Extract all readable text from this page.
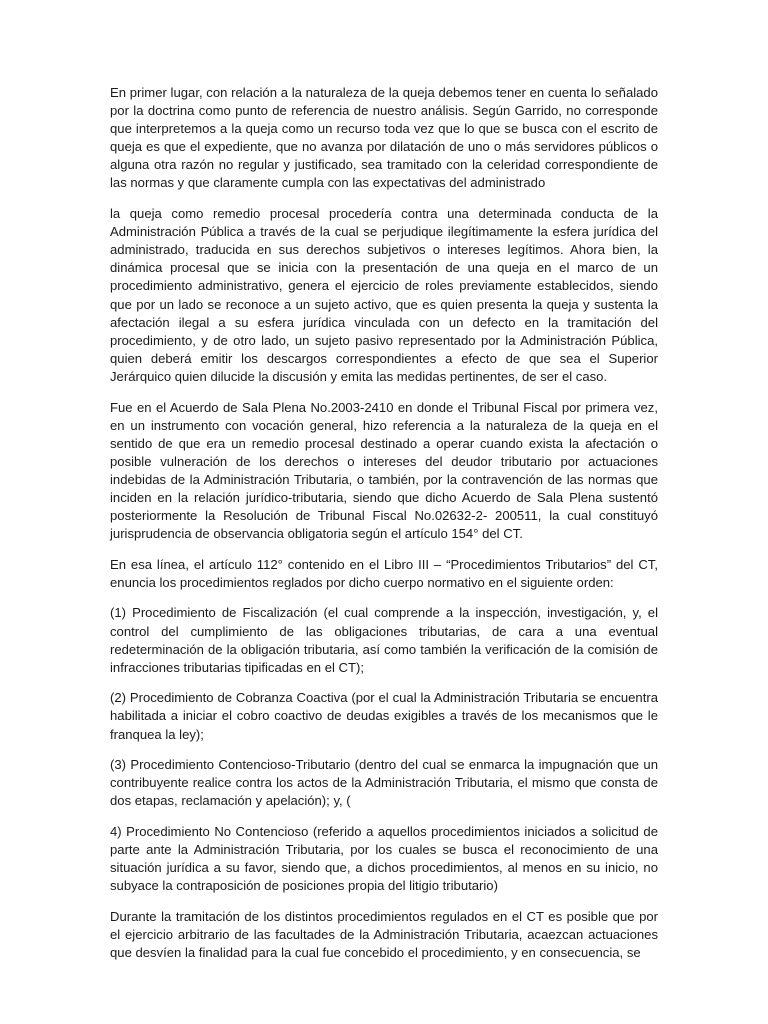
En primer lugar, con relación a la naturaleza de la queja debemos tener en cuenta lo señalado por la doctrina como punto de referencia de nuestro análisis. Según Garrido, no corresponde que interpretemos a la queja como un recurso toda vez que lo que se busca con el escrito de queja es que el expediente, que no avanza por dilatación de uno o más servidores públicos o alguna otra razón no regular y justificado, sea tramitado con la celeridad correspondiente de las normas y que claramente cumpla con las expectativas del administrado

la queja como remedio procesal procedería contra una determinada conducta de la Administración Pública a través de la cual se perjudique ilegítimamente la esfera jurídica del administrado, traducida en sus derechos subjetivos o intereses legítimos. Ahora bien, la dinámica procesal que se inicia con la presentación de una queja en el marco de un procedimiento administrativo, genera el ejercicio de roles previamente establecidos, siendo que por un lado se reconoce a un sujeto activo, que es quien presenta la queja y sustenta la afectación ilegal a su esfera jurídica vinculada con un defecto en la tramitación del procedimiento, y de otro lado, un sujeto pasivo representado por la Administración Pública, quien deberá emitir los descargos correspondientes a efecto de que sea el Superior Jerárquico quien dilucide la discusión y emita las medidas pertinentes, de ser el caso.

Fue en el Acuerdo de Sala Plena No.2003-2410 en donde el Tribunal Fiscal por primera vez, en un instrumento con vocación general, hizo referencia a la naturaleza de la queja en el sentido de que era un remedio procesal destinado a operar cuando exista la afectación o posible vulneración de los derechos o intereses del deudor tributario por actuaciones indebidas de la Administración Tributaria, o también, por la contravención de las normas que inciden en la relación jurídico-tributaria, siendo que dicho Acuerdo de Sala Plena sustentó posteriormente la Resolución de Tribunal Fiscal No.02632-2- 200511, la cual constituyó jurisprudencia de observancia obligatoria según el artículo 154° del CT.

En esa línea, el artículo 112° contenido en el Libro III – “Procedimientos Tributarios” del CT, enuncia los procedimientos reglados por dicho cuerpo normativo en el siguiente orden:

(1) Procedimiento de Fiscalización (el cual comprende a la inspección, investigación, y, el control del cumplimiento de las obligaciones tributarias, de cara a una eventual redeterminación de la obligación tributaria, así como también la verificación de la comisión de infracciones tributarias tipificadas en el CT);

(2) Procedimiento de Cobranza Coactiva (por el cual la Administración Tributaria se encuentra habilitada a iniciar el cobro coactivo de deudas exigibles a través de los mecanismos que le franquea la ley);

(3) Procedimiento Contencioso-Tributario (dentro del cual se enmarca la impugnación que un contribuyente realice contra los actos de la Administración Tributaria, el mismo que consta de dos etapas, reclamación y apelación); y, (

4) Procedimiento No Contencioso (referido a aquellos procedimientos iniciados a solicitud de parte ante la Administración Tributaria, por los cuales se busca el reconocimiento de una situación jurídica a su favor, siendo que, a dichos procedimientos, al menos en su inicio, no subyace la contraposición de posiciones propia del litigio tributario)

Durante la tramitación de los distintos procedimientos regulados en el CT es posible que por el ejercicio arbitrario de las facultades de la Administración Tributaria, acaezcan actuaciones que desvíen la finalidad para la cual fue concebido el procedimiento, y en consecuencia, se
